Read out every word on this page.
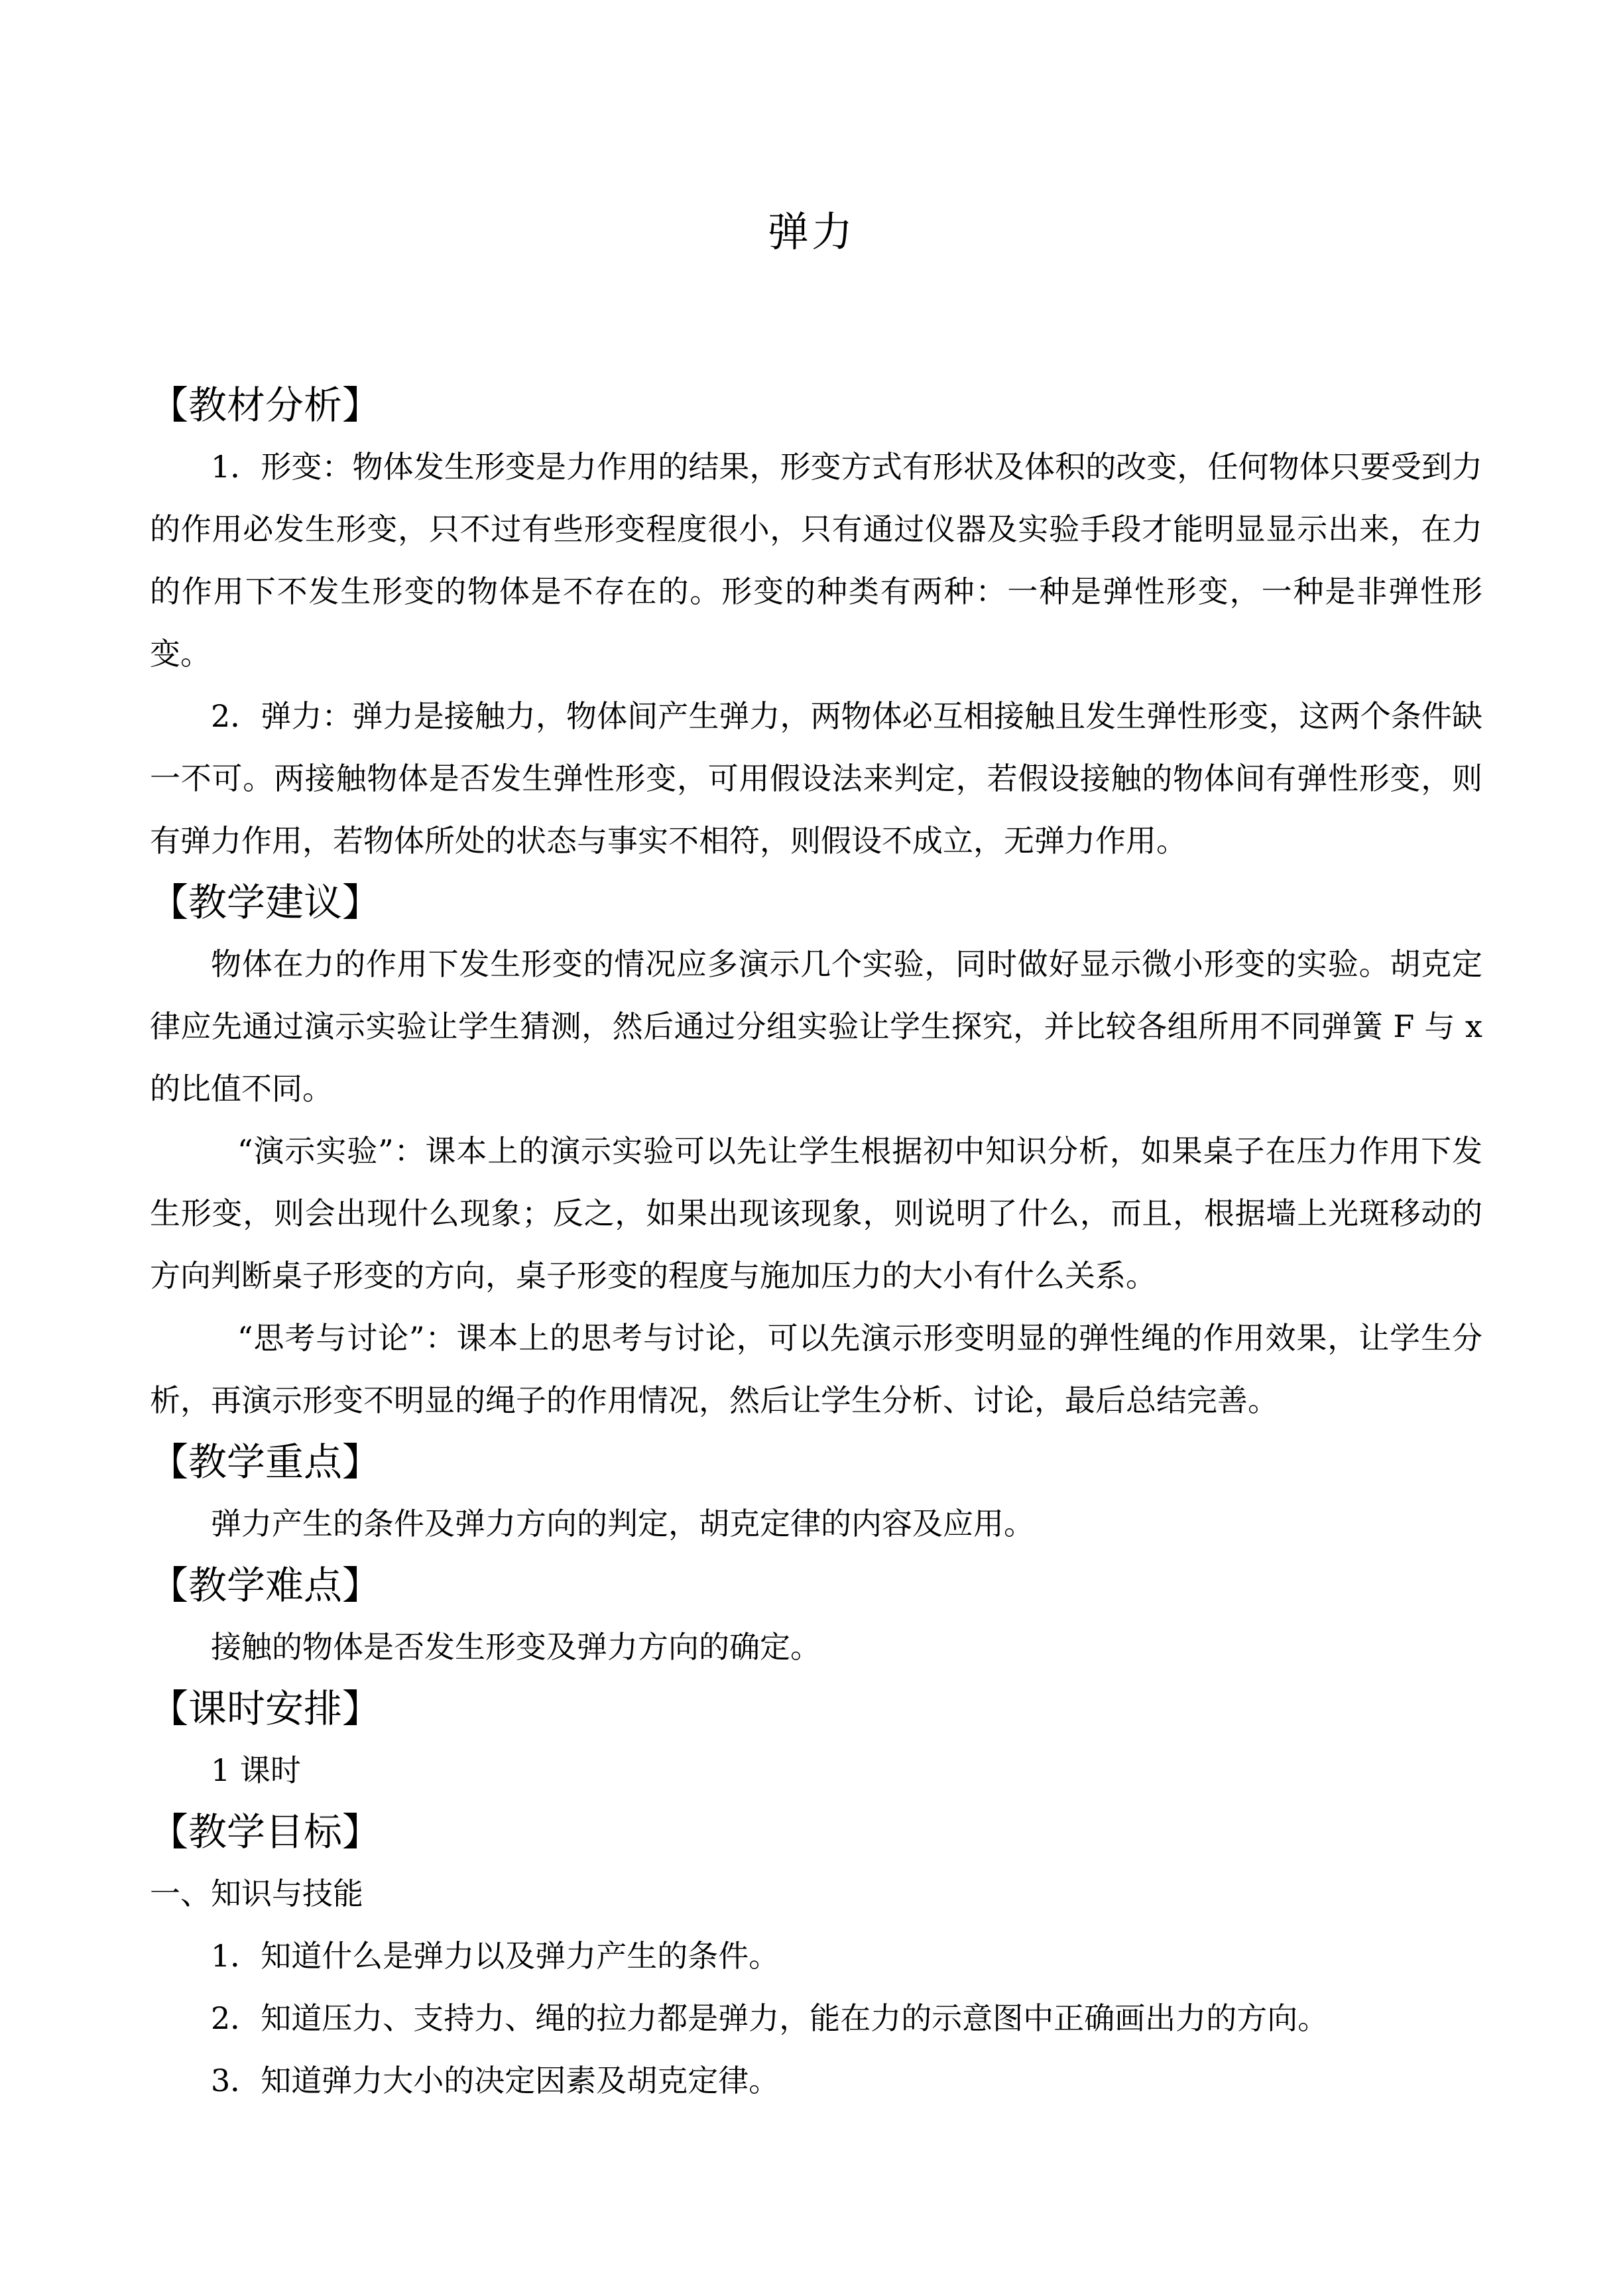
弹力
【教材分析】

1．形变：物体发生形变是力作用的结果，形变方式有形状及体积的改变，任何物体只要受到力的作用必发生形变，只不过有些形变程度很小，只有通过仪器及实验手段才能明显显示出来，在力的作用下不发生形变的物体是不存在的。形变的种类有两种：一种是弹性形变，一种是非弹性形变。

2．弹力：弹力是接触力，物体间产生弹力，两物体必互相接触且发生弹性形变，这两个条件缺一不可。两接触物体是否发生弹性形变，可用假设法来判定，若假设接触的物体间有弹性形变，则有弹力作用，若物体所处的状态与事实不相符，则假设不成立，无弹力作用。

【教学建议】

物体在力的作用下发生形变的情况应多演示几个实验，同时做好显示微小形变的实验。胡克定律应先通过演示实验让学生猜测，然后通过分组实验让学生探究，并比较各组所用不同弹簧 F 与 x 的比值不同。

“演示实验”：课本上的演示实验可以先让学生根据初中知识分析，如果桌子在压力作用下发生形变，则会出现什么现象；反之，如果出现该现象，则说明了什么，而且，根据墙上光斑移动的方向判断桌子形变的方向，桌子形变的程度与施加压力的大小有什么关系。

“思考与讨论”：课本上的思考与讨论，可以先演示形变明显的弹性绳的作用效果，让学生分析，再演示形变不明显的绳子的作用情况，然后让学生分析、讨论，最后总结完善。

【教学重点】

弹力产生的条件及弹力方向的判定，胡克定律的内容及应用。

【教学难点】

接触的物体是否发生形变及弹力方向的确定。

【课时安排】

1 课时

【教学目标】

一、知识与技能

1．知道什么是弹力以及弹力产生的条件。

2．知道压力、支持力、绳的拉力都是弹力，能在力的示意图中正确画出力的方向。

3．知道弹力大小的决定因素及胡克定律。
